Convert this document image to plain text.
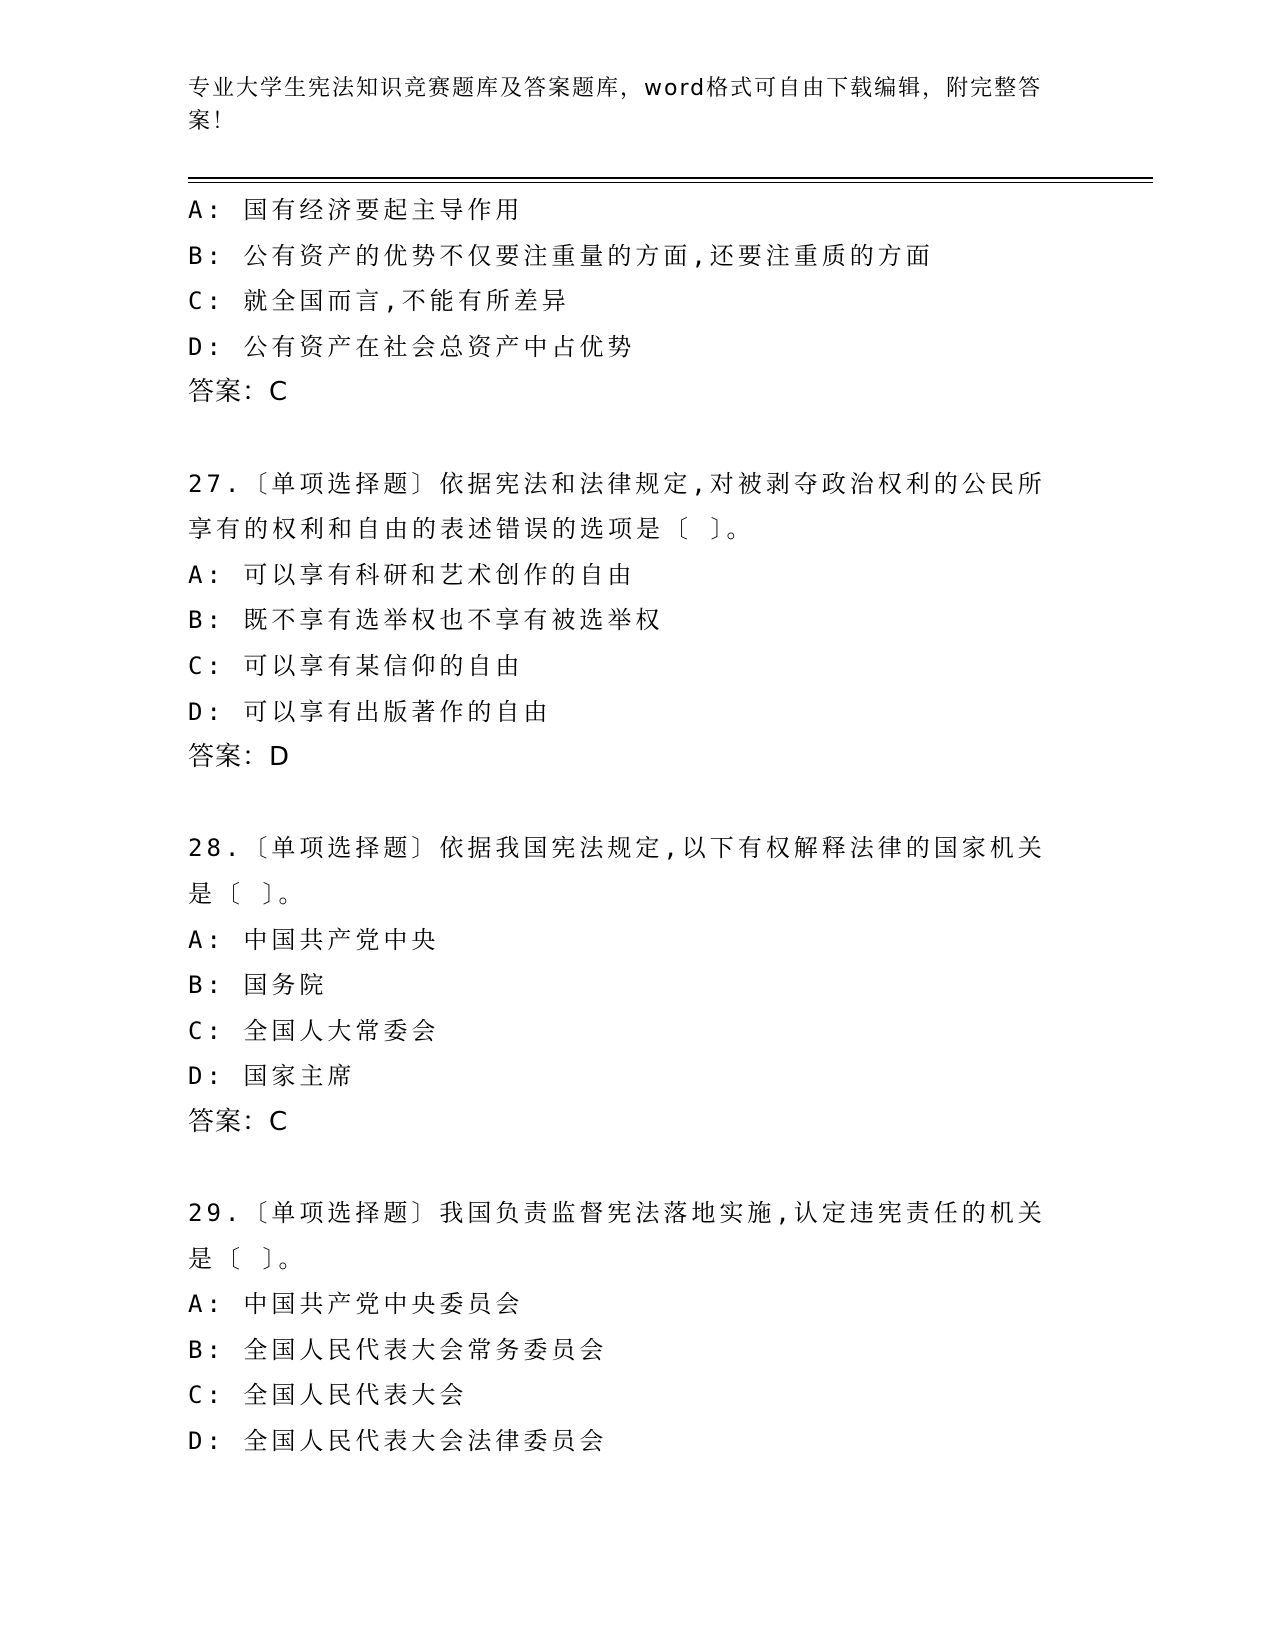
专业大学生宪法知识竞赛题库及答案题库，word格式可自由下载编辑，附完整答案！
A: 国有经济要起主导作用
B: 公有资产的优势不仅要注重量的方面,还要注重质的方面
C: 就全国而言,不能有所差异
D: 公有资产在社会总资产中占优势
答案：C
27.〔单项选择题〕依据宪法和法律规定,对被剥夺政治权利的公民所
享有的权利和自由的表述错误的选项是〔 〕。
A: 可以享有科研和艺术创作的自由
B: 既不享有选举权也不享有被选举权
C: 可以享有某信仰的自由
D: 可以享有出版著作的自由
答案：D
28.〔单项选择题〕依据我国宪法规定,以下有权解释法律的国家机关
是〔 〕。
A: 中国共产党中央
B: 国务院
C: 全国人大常委会
D: 国家主席
答案：C
29.〔单项选择题〕我国负责监督宪法落地实施,认定违宪责任的机关
是〔 〕。
A: 中国共产党中央委员会
B: 全国人民代表大会常务委员会
C: 全国人民代表大会
D: 全国人民代表大会法律委员会
